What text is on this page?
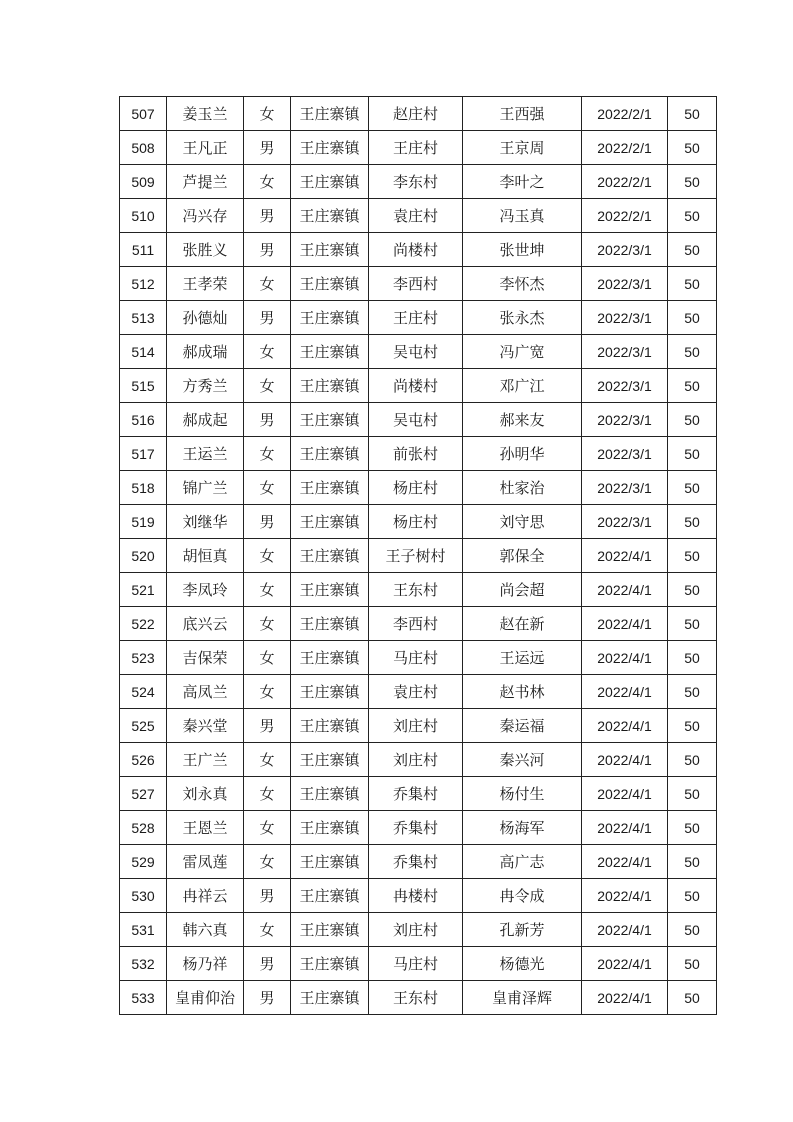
507	姜玉兰	女	王庄寨镇	赵庄村	王西强	2022/2/1	50
508	王凡正	男	王庄寨镇	王庄村	王京周	2022/2/1	50
509	芦提兰	女	王庄寨镇	李东村	李叶之	2022/2/1	50
510	冯兴存	男	王庄寨镇	袁庄村	冯玉真	2022/2/1	50
511	张胜义	男	王庄寨镇	尚楼村	张世坤	2022/3/1	50
512	王孝荣	女	王庄寨镇	李西村	李怀杰	2022/3/1	50
513	孙德灿	男	王庄寨镇	王庄村	张永杰	2022/3/1	50
514	郝成瑞	女	王庄寨镇	吴屯村	冯广宽	2022/3/1	50
515	方秀兰	女	王庄寨镇	尚楼村	邓广江	2022/3/1	50
516	郝成起	男	王庄寨镇	吴屯村	郝来友	2022/3/1	50
517	王运兰	女	王庄寨镇	前张村	孙明华	2022/3/1	50
518	锦广兰	女	王庄寨镇	杨庄村	杜家治	2022/3/1	50
519	刘继华	男	王庄寨镇	杨庄村	刘守思	2022/3/1	50
520	胡恒真	女	王庄寨镇	王子树村	郭保全	2022/4/1	50
521	李凤玲	女	王庄寨镇	王东村	尚会超	2022/4/1	50
522	底兴云	女	王庄寨镇	李西村	赵在新	2022/4/1	50
523	吉保荣	女	王庄寨镇	马庄村	王运远	2022/4/1	50
524	高凤兰	女	王庄寨镇	袁庄村	赵书林	2022/4/1	50
525	秦兴堂	男	王庄寨镇	刘庄村	秦运福	2022/4/1	50
526	王广兰	女	王庄寨镇	刘庄村	秦兴河	2022/4/1	50
527	刘永真	女	王庄寨镇	乔集村	杨付生	2022/4/1	50
528	王恩兰	女	王庄寨镇	乔集村	杨海军	2022/4/1	50
529	雷凤莲	女	王庄寨镇	乔集村	高广志	2022/4/1	50
530	冉祥云	男	王庄寨镇	冉楼村	冉令成	2022/4/1	50
531	韩六真	女	王庄寨镇	刘庄村	孔新芳	2022/4/1	50
532	杨乃祥	男	王庄寨镇	马庄村	杨德光	2022/4/1	50
533	皇甫仰治	男	王庄寨镇	王东村	皇甫泽辉	2022/4/1	50
